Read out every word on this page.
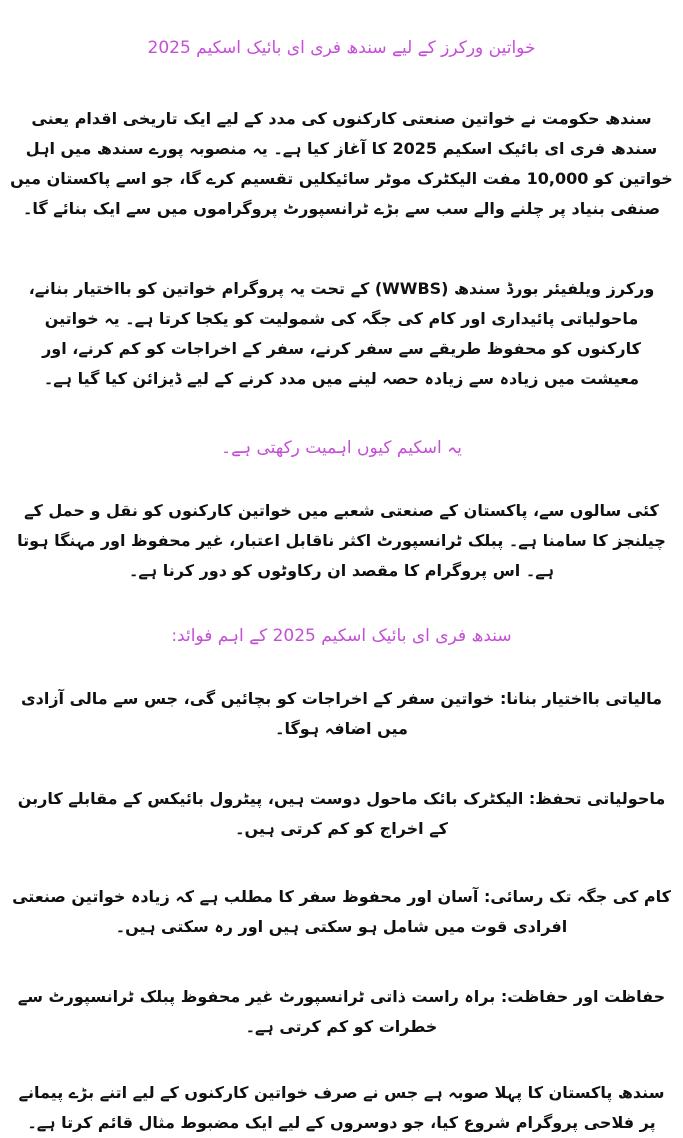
خواتین ورکرز کے لیے سندھ فری ای بائیک اسکیم 2025

سندھ حکومت نے خواتین صنعتی کارکنوں کی مدد کے لیے ایک تاریخی اقدام یعنی سندھ فری ای بائیک اسکیم 2025 کا آغاز کیا ہے۔ یہ منصوبہ پورے سندھ میں اہل خواتین کو 10,000 مفت الیکٹرک موٹر سائیکلیں تقسیم کرے گا، جو اسے پاکستان میں صنفی بنیاد پر چلنے والے سب سے بڑے ٹرانسپورٹ پروگراموں میں سے ایک بنائے گا۔

ورکرز ویلفیئر بورڈ سندھ (WWBS) کے تحت یہ پروگرام خواتین کو بااختیار بنانے، ماحولیاتی پائیداری اور کام کی جگہ کی شمولیت کو یکجا کرتا ہے۔ یہ خواتین کارکنوں کو محفوظ طریقے سے سفر کرنے، سفر کے اخراجات کو کم کرنے، اور معیشت میں زیادہ سے زیادہ حصہ لینے میں مدد کرنے کے لیے ڈیزائن کیا گیا ہے۔

یہ اسکیم کیوں اہمیت رکھتی ہے۔

کئی سالوں سے، پاکستان کے صنعتی شعبے میں خواتین کارکنوں کو نقل و حمل کے چیلنجز کا سامنا ہے۔ پبلک ٹرانسپورٹ اکثر ناقابل اعتبار، غیر محفوظ اور مہنگا ہوتا ہے۔ اس پروگرام کا مقصد ان رکاوٹوں کو دور کرنا ہے۔

سندھ فری ای بائیک اسکیم 2025 کے اہم فوائد:

مالیاتی بااختیار بنانا: خواتین سفر کے اخراجات کو بچائیں گی، جس سے مالی آزادی میں اضافہ ہوگا۔

ماحولیاتی تحفظ: الیکٹرک بائک ماحول دوست ہیں، پیٹرول بائیکس کے مقابلے کاربن کے اخراج کو کم کرتی ہیں۔

کام کی جگہ تک رسائی: آسان اور محفوظ سفر کا مطلب ہے کہ زیادہ خواتین صنعتی افرادی قوت میں شامل ہو سکتی ہیں اور رہ سکتی ہیں۔

حفاظت اور حفاظت: براہ راست ذاتی ٹرانسپورٹ غیر محفوظ پبلک ٹرانسپورٹ سے خطرات کو کم کرتی ہے۔

سندھ پاکستان کا پہلا صوبہ ہے جس نے صرف خواتین کارکنوں کے لیے اتنے بڑے پیمانے پر فلاحی پروگرام شروع کیا، جو دوسروں کے لیے ایک مضبوط مثال قائم کرتا ہے۔
